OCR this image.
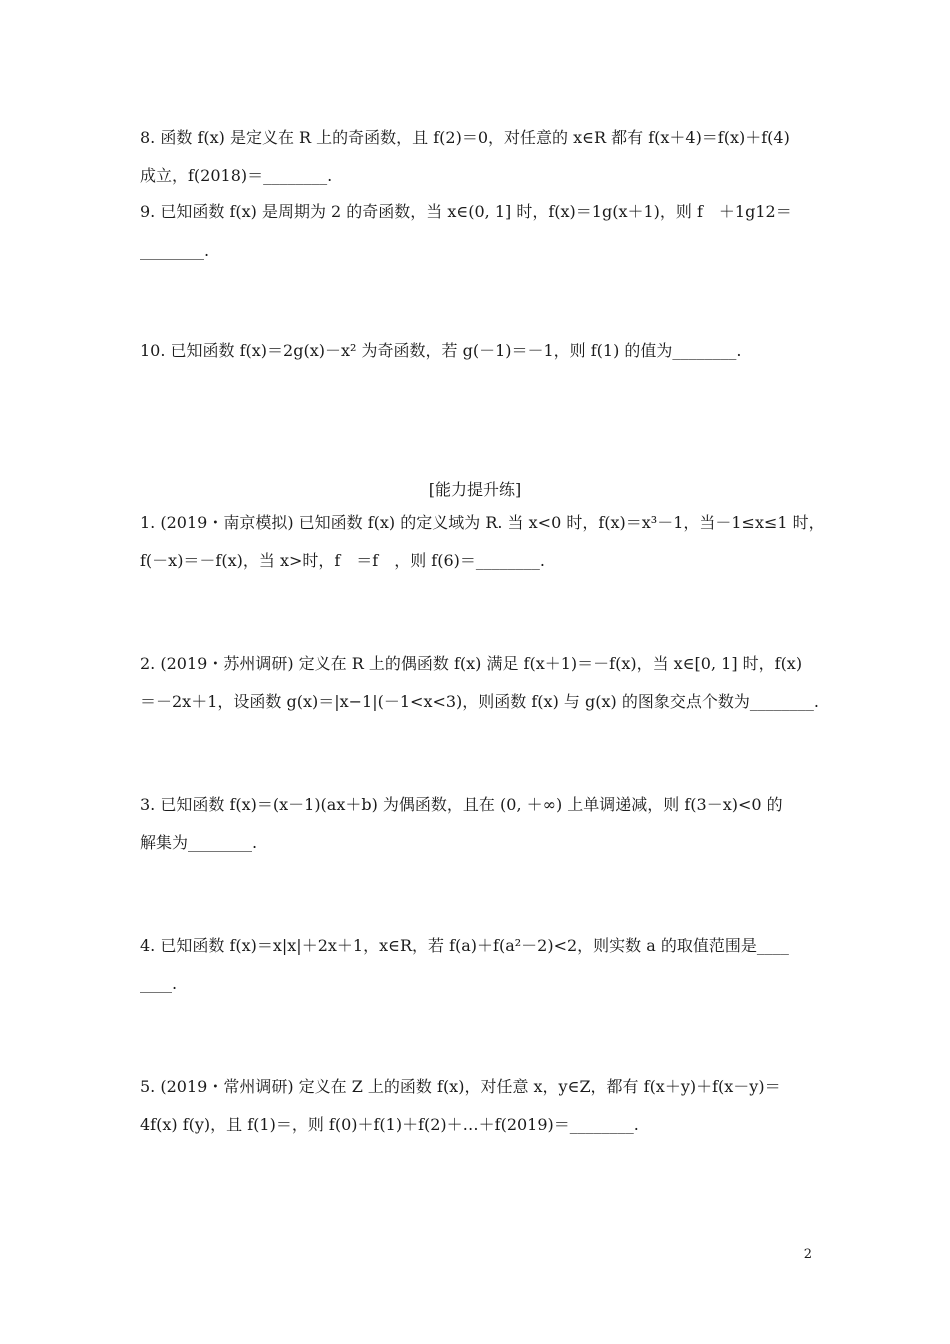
8. 函数 f(x) 是定义在 R 上的奇函数，且 f(2)＝0，对任意的 x∈R 都有 f(x＋4)＝f(x)＋f(4)
成立，f(2018)＝________.
9. 已知函数 f(x) 是周期为 2 的奇函数，当 x∈(0, 1] 时，f(x)＝1g(x＋1)，则 f　＋1g12＝
________.
10. 已知函数 f(x)＝2g(x)－x² 为奇函数，若 g(－1)＝－1，则 f(1) 的值为________.
[能力提升练]
1. (2019・南京模拟) 已知函数 f(x) 的定义域为 R. 当 x<0 时，f(x)＝x³－1，当－1≤x≤1 时，
f(－x)＝－f(x)，当 x>时，f　＝f　，则 f(6)＝________.
2. (2019・苏州调研) 定义在 R 上的偶函数 f(x) 满足 f(x＋1)＝－f(x)，当 x∈[0, 1] 时，f(x)
＝－2x＋1，设函数 g(x)＝|x−1|(－1<x<3)，则函数 f(x) 与 g(x) 的图象交点个数为________.
3. 已知函数 f(x)＝(x－1)(ax＋b) 为偶函数，且在 (0, ＋∞) 上单调递减，则 f(3－x)<0 的
解集为________.
4. 已知函数 f(x)＝x|x|＋2x＋1，x∈R，若 f(a)＋f(a²－2)<2，则实数 a 的取值范围是____
____.
5. (2019・常州调研) 定义在 Z 上的函数 f(x)，对任意 x，y∈Z，都有 f(x＋y)＋f(x－y)＝
4f(x) f(y)，且 f(1)＝，则 f(0)＋f(1)＋f(2)＋…＋f(2019)＝________.
2
